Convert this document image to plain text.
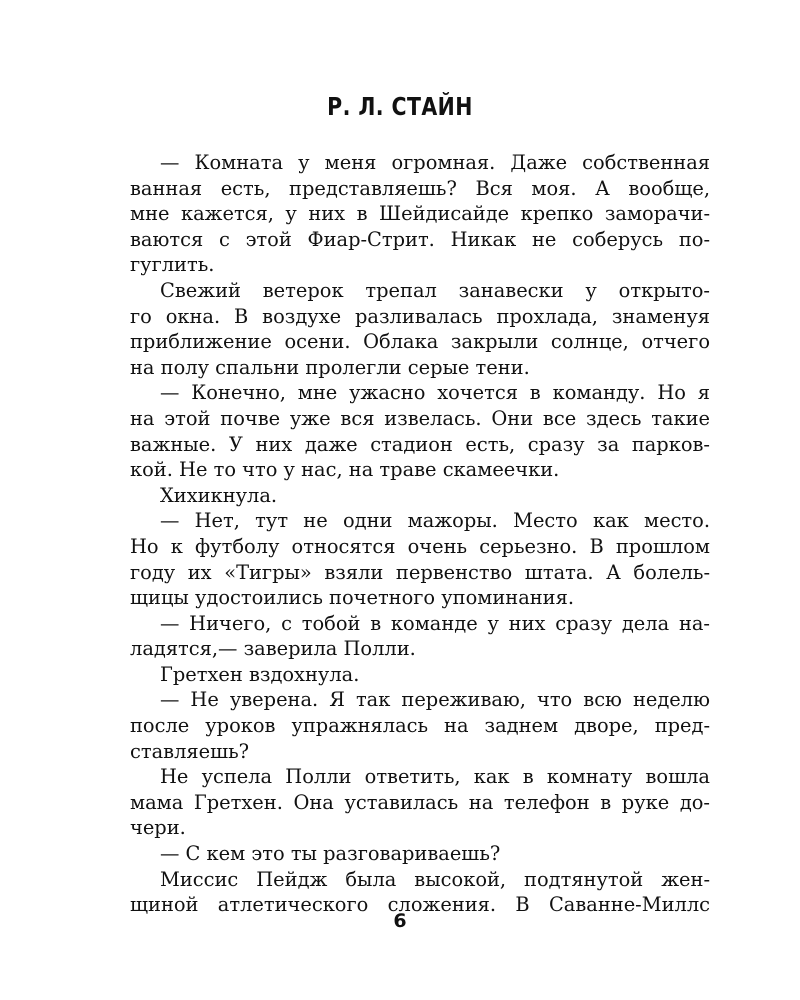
Р. Л. СТАЙН
— Комната у меня огромная. Даже собственная
ванная есть, представляешь? Вся моя. А вообще,
мне кажется, у них в Шейдисайде крепко заморачи-
ваются с этой Фиар-Стрит. Никак не соберусь по-
гуглить.
Свежий ветерок трепал занавески у открыто-
го окна. В воздухе разливалась прохлада, знаменуя
приближение осени. Облака закрыли солнце, отчего
на полу спальни пролегли серые тени.
— Конечно, мне ужасно хочется в команду. Но я
на этой почве уже вся извелась. Они все здесь такие
важные. У них даже стадион есть, сразу за парков-
кой. Не то что у нас, на траве скамеечки.
Хихикнула.
— Нет, тут не одни мажоры. Место как место.
Но к футболу относятся очень серьезно. В прошлом
году их «Тигры» взяли первенство штата. А болель-
щицы удостоились почетного упоминания.
— Ничего, с тобой в команде у них сразу дела на-
ладятся,— заверила Полли.
Гретхен вздохнула.
— Не уверена. Я так переживаю, что всю неделю
после уроков упражнялась на заднем дворе, пред-
ставляешь?
Не успела Полли ответить, как в комнату вошла
мама Гретхен. Она уставилась на телефон в руке до-
чери.
— С кем это ты разговариваешь?
Миссис Пейдж была высокой, подтянутой жен-
щиной атлетического сложения. В Саванне-Миллс
6
